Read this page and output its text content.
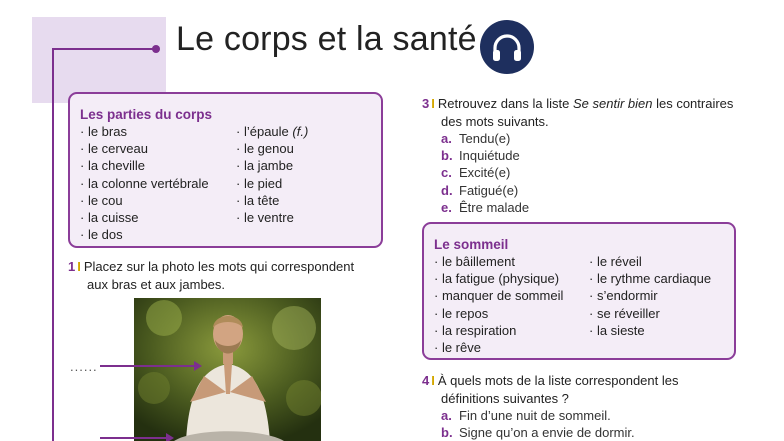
Le corps et la santé
Les parties du corps
· le bras
· le cerveau
· la cheville
· la colonne vertébrale
· le cou
· la cuisse
· le dos
· l’épaule (f.)
· le genou
· la jambe
· le pied
· la tête
· le ventre
1 I Placez sur la photo les mots qui correspondent
aux bras et aux jambes.
......
3 I Retrouvez dans la liste Se sentir bien les contraires
des mots suivants.
a. Tendu(e)
b. Inquiétude
c. Excité(e)
d. Fatigué(e)
e. Être malade
Le sommeil
· le bâillement
· la fatigue (physique)
· manquer de sommeil
· le repos
· la respiration
· le rêve
· le réveil
· le rythme cardiaque
· s’endormir
· se réveiller
· la sieste
4 I À quels mots de la liste correspondent les
définitions suivantes ?
a. Fin d’une nuit de sommeil.
b. Signe qu’on a envie de dormir.
